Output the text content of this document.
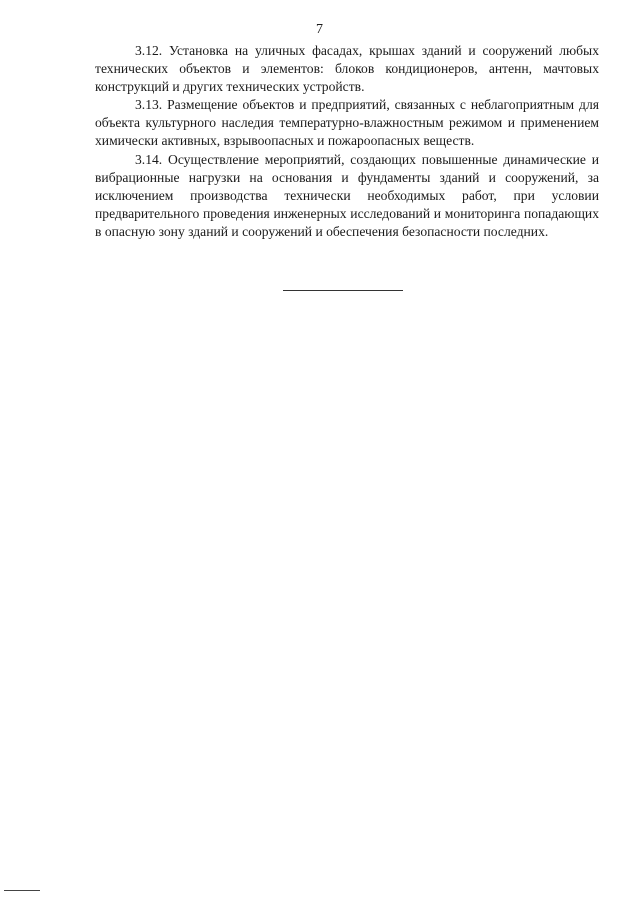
7

3.12. Установка на уличных фасадах, крышах зданий и сооружений любых технических объектов и элементов: блоков кондиционеров, антенн, мачтовых конструкций и других технических устройств.

3.13. Размещение объектов и предприятий, связанных с неблагоприятным для объекта культурного наследия температурно-влажностным режимом и применением химически активных, взрывоопасных и пожароопасных веществ.

3.14. Осуществление мероприятий, создающих повышенные динамические и вибрационные нагрузки на основания и фундаменты зданий и сооружений, за исключением производства технически необходимых работ, при условии предварительного проведения инженерных исследований и мониторинга попадающих в опасную зону зданий и сооружений и обеспечения безопасности последних.
